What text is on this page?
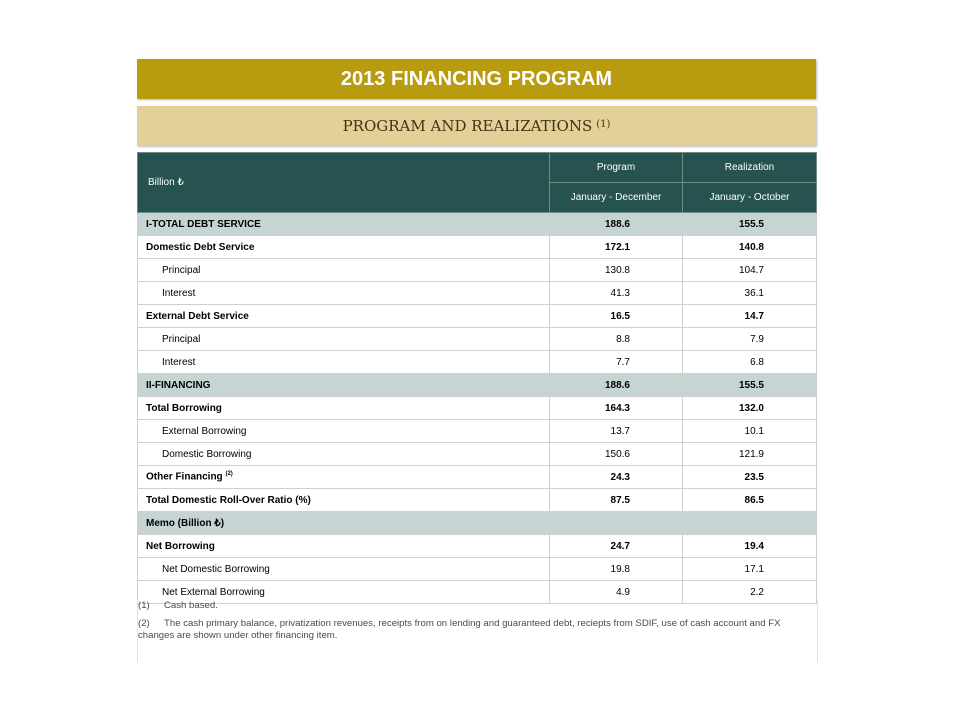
2013 FINANCING PROGRAM
PROGRAM AND REALIZATIONS $^{(1)}$
Billion ₺	Program	Realization
	January - December	January - October
I-TOTAL DEBT SERVICE	188.6	155.5
Domestic Debt Service	172.1	140.8
Principal	130.8	104.7
Interest	41.3	36.1
External Debt Service	16.5	14.7
Principal	8.8	7.9
Interest	7.7	6.8
II-FINANCING	188.6	155.5
Total Borrowing	164.3	132.0
External Borrowing	13.7	10.1
Domestic Borrowing	150.6	121.9
Other Financing $^{(2)}$	24.3	23.5
Total Domestic Roll-Over Ratio (%)	87.5	86.5
Memo (Billion ₺)		
Net Borrowing	24.7	19.4
Net Domestic Borrowing	19.8	17.1
Net External Borrowing	4.9	2.2
(1) Cash based.
(2) The cash primary balance, privatization revenues, receipts from on lending and guaranteed debt, reciepts from SDIF, use of cash account and FX changes are shown under other financing item.
